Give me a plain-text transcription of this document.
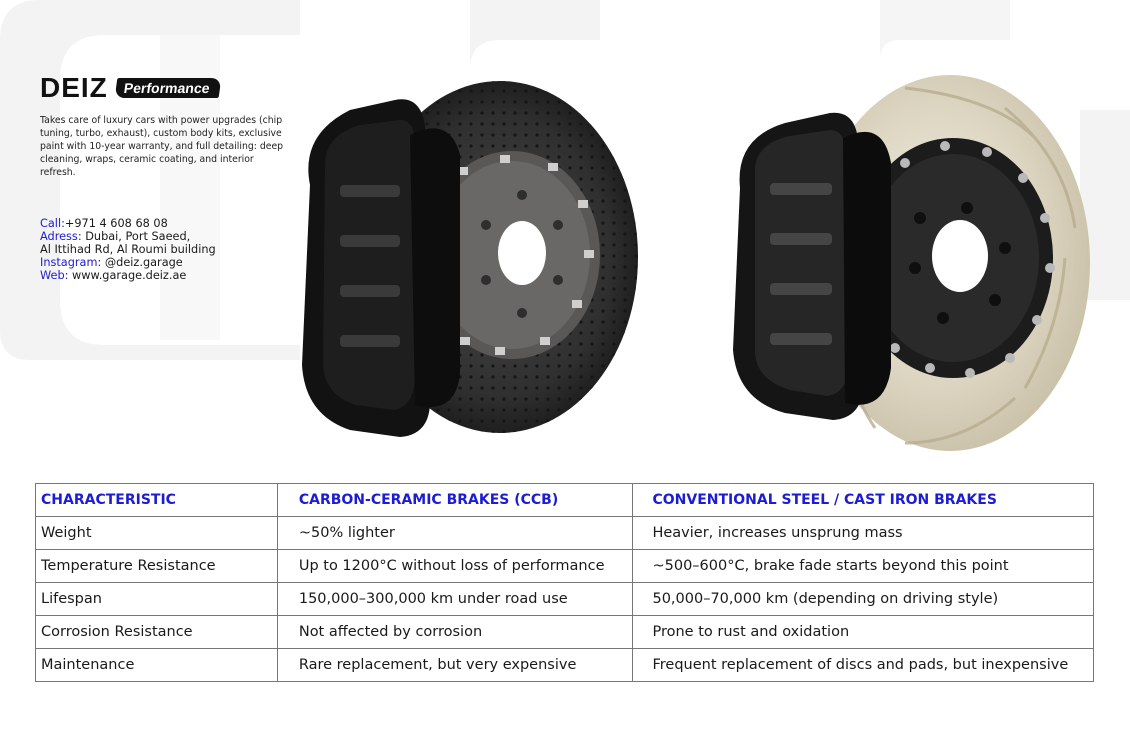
DEIZ	Performance
Takes care of luxury cars with power upgrades (chip tuning, turbo, exhaust), custom body kits, exclusive paint with 10-year warranty, and full detailing: deep cleaning, wraps, ceramic coating, and interior refresh.
Call:+971 4 608 68 08
Adress: Dubai, Port Saeed,
Al Ittihad Rd, Al Roumi building
Instagram: @deiz.garage
Web: www.garage.deiz.ae
CHARACTERISTIC	CARBON-CERAMIC BRAKES (CCB)	CONVENTIONAL STEEL / CAST IRON BRAKES
Weight	~50% lighter	Heavier, increases unsprung mass
Temperature Resistance	Up to 1200°C without loss of performance	~500–600°C, brake fade starts beyond this point
Lifespan	150,000–300,000 km under road use	50,000–70,000 km (depending on driving style)
Corrosion Resistance	Not affected by corrosion	Prone to rust and oxidation
Maintenance	Rare replacement, but very expensive	Frequent replacement of discs and pads, but inexpensive
